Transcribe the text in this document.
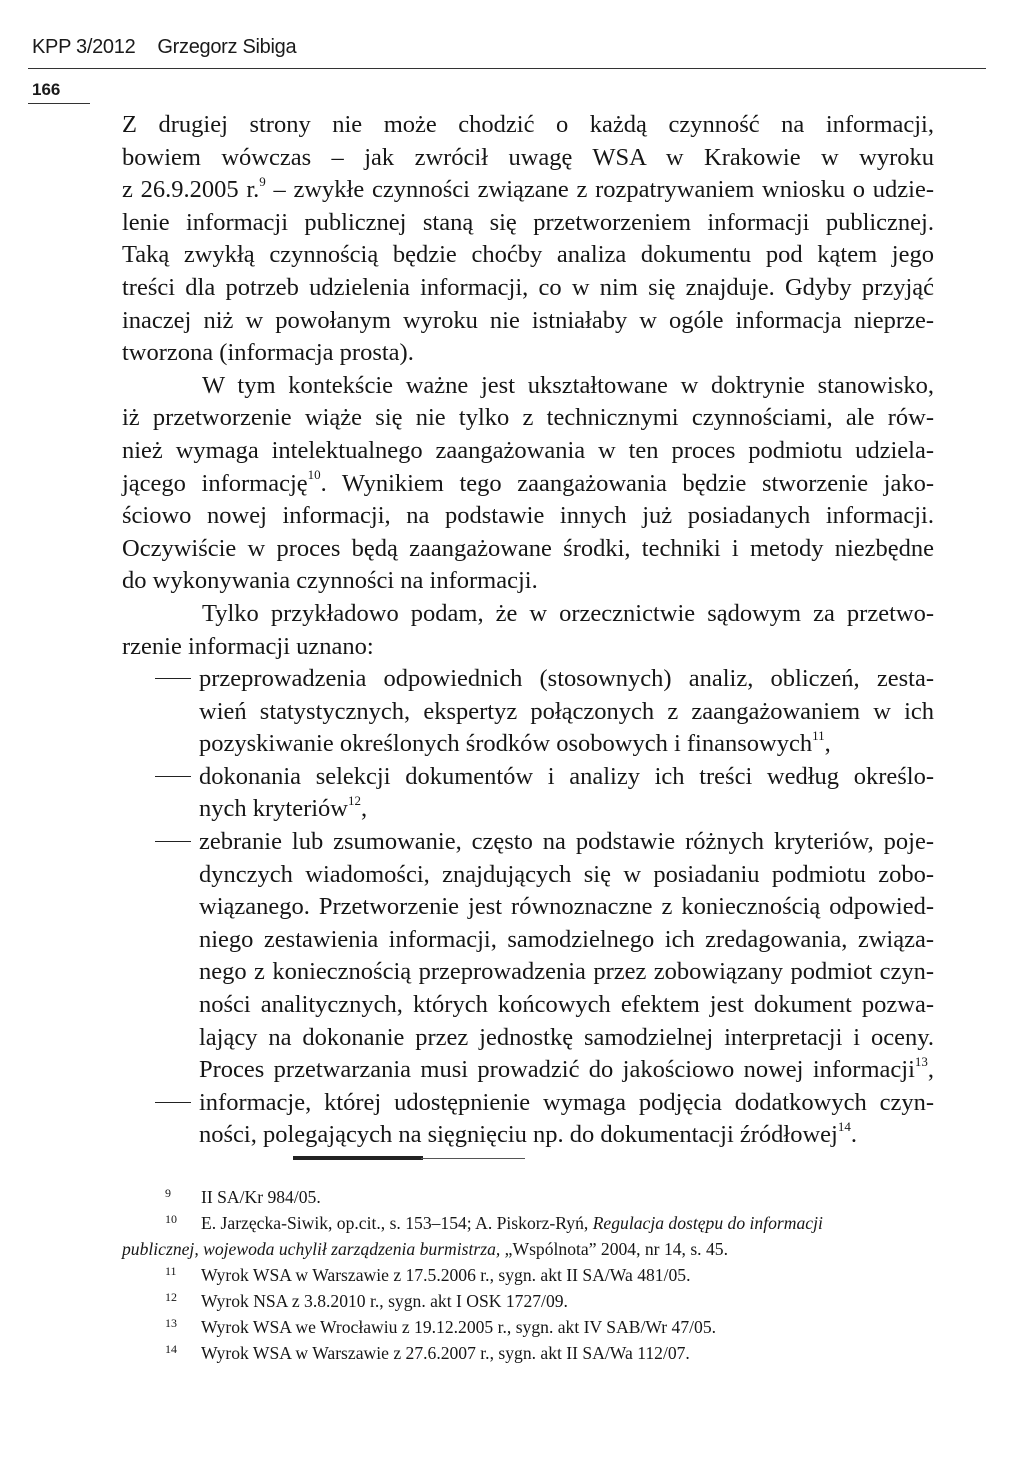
KPP 3/2012 Grzegorz Sibiga
166

Z drugiej strony nie może chodzić o każdą czynność na informacji,
bowiem wówczas – jak zwrócił uwagę WSA w Krakowie w wyroku
z 26.9.2005 r.$^9$ – zwykłe czynności związane z rozpatrywaniem wniosku o udzie-
lenie informacji publicznej staną się przetworzeniem informacji publicznej.
Taką zwykłą czynnością będzie choćby analiza dokumentu pod kątem jego
treści dla potrzeb udzielenia informacji, co w nim się znajduje. Gdyby przyjąć
inaczej niż w powołanym wyroku nie istniałaby w ogóle informacja nieprze-
tworzona (informacja prosta).

W tym kontekście ważne jest ukształtowane w doktrynie stanowisko,
iż przetworzenie wiąże się nie tylko z technicznymi czynnościami, ale rów-
nież wymaga intelektualnego zaangażowania w ten proces podmiotu udziela-
jącego informację$^{10}$. Wynikiem tego zaangażowania będzie stworzenie jako-
ściowo nowej informacji, na podstawie innych już posiadanych informacji.
Oczywiście w proces będą zaangażowane środki, techniki i metody niezbędne
do wykonywania czynności na informacji.

Tylko przykładowo podam, że w orzecznictwie sądowym za przetwo-
rzenie informacji uznano:

przeprowadzenia odpowiednich (stosownych) analiz, obliczeń, zesta-
wień statystycznych, ekspertyz połączonych z zaangażowaniem w ich
pozyskiwanie określonych środków osobowych i finansowych$^{11}$,
dokonania selekcji dokumentów i analizy ich treści według określo-
nych kryteriów$^{12}$,
zebranie lub zsumowanie, często na podstawie różnych kryteriów, poje-
dynczych wiadomości, znajdujących się w posiadaniu podmiotu zobo-
wiązanego. Przetworzenie jest równoznaczne z koniecznością odpowied-
niego zestawienia informacji, samodzielnego ich zredagowania, związa-
nego z koniecznością przeprowadzenia przez zobowiązany podmiot czyn-
ności analitycznych, których końcowych efektem jest dokument pozwa-
lający na dokonanie przez jednostkę samodzielnej interpretacji i oceny.
Proces przetwarzania musi prowadzić do jakościowo nowej informacji$^{13}$,
informacje, której udostępnienie wymaga podjęcia dodatkowych czyn-
ności, polegających na sięgnięciu np. do dokumentacji źródłowej$^{14}$.
9	II SA/Kr 984/05.
10	E. Jarzęcka-Siwik, op.cit., s. 153–154; A. Piskorz-Ryń, Regulacja dostępu do informacji
publicznej, wojewoda uchylił zarządzenia burmistrza, „Wspólnota” 2004, nr 14, s. 45.
11	Wyrok WSA w Warszawie z 17.5.2006 r., sygn. akt II SA/Wa 481/05.
12	Wyrok NSA z 3.8.2010 r., sygn. akt I OSK 1727/09.
13	Wyrok WSA we Wrocławiu z 19.12.2005 r., sygn. akt IV SAB/Wr 47/05.
14	Wyrok WSA w Warszawie z 27.6.2007 r., sygn. akt II SA/Wa 112/07.
